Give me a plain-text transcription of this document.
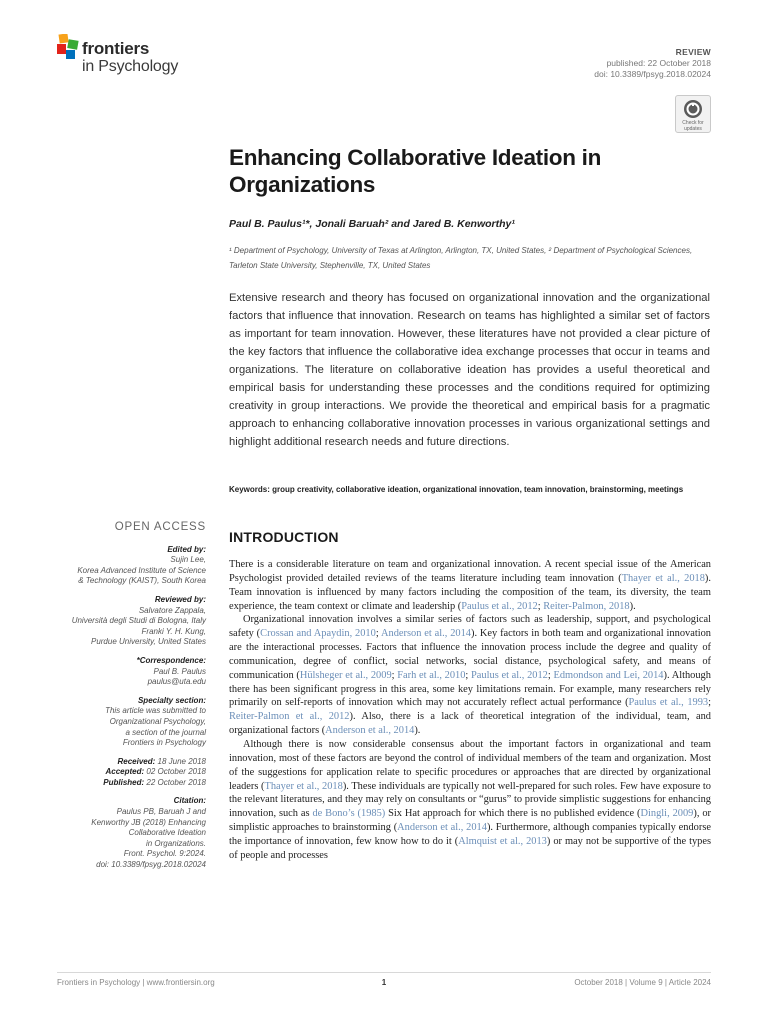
frontiers
in Psychology
REVIEW
published: 22 October 2018
doi: 10.3389/fpsyg.2018.02024
Check for updates
Enhancing Collaborative Ideation in Organizations
Paul B. Paulus¹*, Jonali Baruah² and Jared B. Kenworthy¹
¹ Department of Psychology, University of Texas at Arlington, Arlington, TX, United States, ² Department of Psychological Sciences, Tarleton State University, Stephenville, TX, United States
Extensive research and theory has focused on organizational innovation and the organizational factors that influence that innovation. Research on teams has highlighted a similar set of factors as important for team innovation. However, these literatures have not provided a clear picture of the key factors that influence the collaborative idea exchange processes that occur in teams and organizations. The literature on collaborative ideation has provides a useful theoretical and empirical basis for understanding these processes and the conditions required for optimizing creativity in group interactions. We provide the theoretical and empirical basis for a pragmatic approach to enhancing collaborative innovation processes in various organizational settings and highlight additional research needs and future directions.
Keywords: group creativity, collaborative ideation, organizational innovation, team innovation, brainstorming, meetings
OPEN ACCESS
Edited by:
Sujin Lee,
Korea Advanced Institute of Science
& Technology (KAIST), South Korea
Reviewed by:
Salvatore Zappala,
Università degli Studi di Bologna, Italy
Franki Y. H. Kung,
Purdue University, United States
*Correspondence:
Paul B. Paulus
paulus@uta.edu
Specialty section:
This article was submitted to
Organizational Psychology,
a section of the journal
Frontiers in Psychology
Received: 18 June 2018
Accepted: 02 October 2018
Published: 22 October 2018
Citation:
Paulus PB, Baruah J and
Kenworthy JB (2018) Enhancing
Collaborative Ideation
in Organizations.
Front. Psychol. 9:2024.
doi: 10.3389/fpsyg.2018.02024
INTRODUCTION

There is a considerable literature on team and organizational innovation. A recent special issue of the American Psychologist provided detailed reviews of the teams literature including team innovation (Thayer et al., 2018). Team innovation is influenced by many factors including the composition of the team, its diversity, the team experience, the team context or climate and leadership (Paulus et al., 2012; Reiter-Palmon, 2018).

Organizational innovation involves a similar series of factors such as leadership, support, and psychological safety (Crossan and Apaydin, 2010; Anderson et al., 2014). Key factors in both team and organizational innovation are the interactional processes. Factors that influence the innovation process include the degree and quality of communication, degree of conflict, social networks, social distance, psychological safety, and means of communication (Hülsheger et al., 2009; Farh et al., 2010; Paulus et al., 2012; Edmondson and Lei, 2014). Although there has been significant progress in this area, some key limitations remain. For example, many researchers rely primarily on self-reports of innovation which may not accurately reflect actual performance (Paulus et al., 1993; Reiter-Palmon et al., 2012). Also, there is a lack of theoretical integration of the individual, team, and organizational factors (Anderson et al., 2014).

Although there is now considerable consensus about the important factors in organizational and team innovation, most of these factors are beyond the control of individual members of the team and organization. Most of the suggestions for application relate to specific procedures or approaches that are directed by organizational leaders (Thayer et al., 2018). These individuals are typically not well-prepared for such roles. Few have exposure to the relevant literatures, and they may rely on consultants or “gurus” to provide simplistic suggestions for enhancing innovation, such as de Bono’s (1985) Six Hat approach for which there is no published evidence (Dingli, 2009), or simplistic approaches to brainstorming (Anderson et al., 2014). Furthermore, although companies typically endorse the importance of innovation, few know how to do it (Almquist et al., 2013) or may not be supportive of the types of people and processes

Frontiers in Psychology | www.frontiersin.org	1	October 2018 | Volume 9 | Article 2024
